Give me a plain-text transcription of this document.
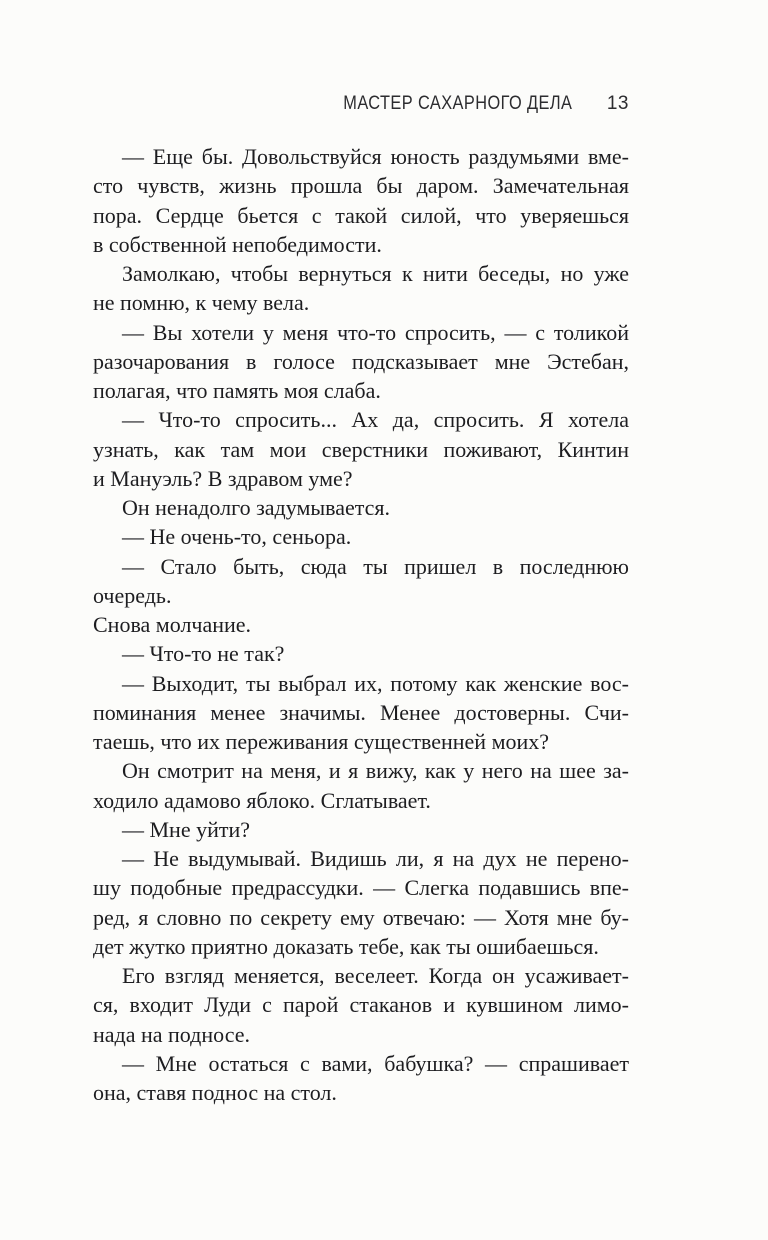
МАСТЕР САХАРНОГО ДЕЛА 13
— Еще бы. Довольствуйся юность раздумьями вме-
сто чувств, жизнь прошла бы даром. Замечательная
пора. Сердце бьется с такой силой, что уверяешься
в собственной непобедимости.
Замолкаю, чтобы вернуться к нити беседы, но уже
не помню, к чему вела.
— Вы хотели у меня что-то спросить, — с толикой
разочарования в голосе подсказывает мне Эстебан,
полагая, что память моя слаба.
— Что-то спросить... Ах да, спросить. Я хотела
узнать, как там мои сверстники поживают, Кинтин
и Мануэль? В здравом уме?
Он ненадолго задумывается.
— Не очень-то, сеньора.
— Стало быть, сюда ты пришел в последнюю очередь.
Снова молчание.
— Что-то не так?
— Выходит, ты выбрал их, потому как женские вос-
поминания менее значимы. Менее достоверны. Счи-
таешь, что их переживания существенней моих?
Он смотрит на меня, и я вижу, как у него на шее за-
ходило адамово яблоко. Сглатывает.
— Мне уйти?
— Не выдумывай. Видишь ли, я на дух не перено-
шу подобные предрассудки. — Слегка подавшись впе-
ред, я словно по секрету ему отвечаю: — Хотя мне бу-
дет жутко приятно доказать тебе, как ты ошибаешься.
Его взгляд меняется, веселеет. Когда он усаживает-
ся, входит Луди с парой стаканов и кувшином лимо-
нада на подносе.
— Мне остаться с вами, бабушка? — спрашивает
она, ставя поднос на стол.
